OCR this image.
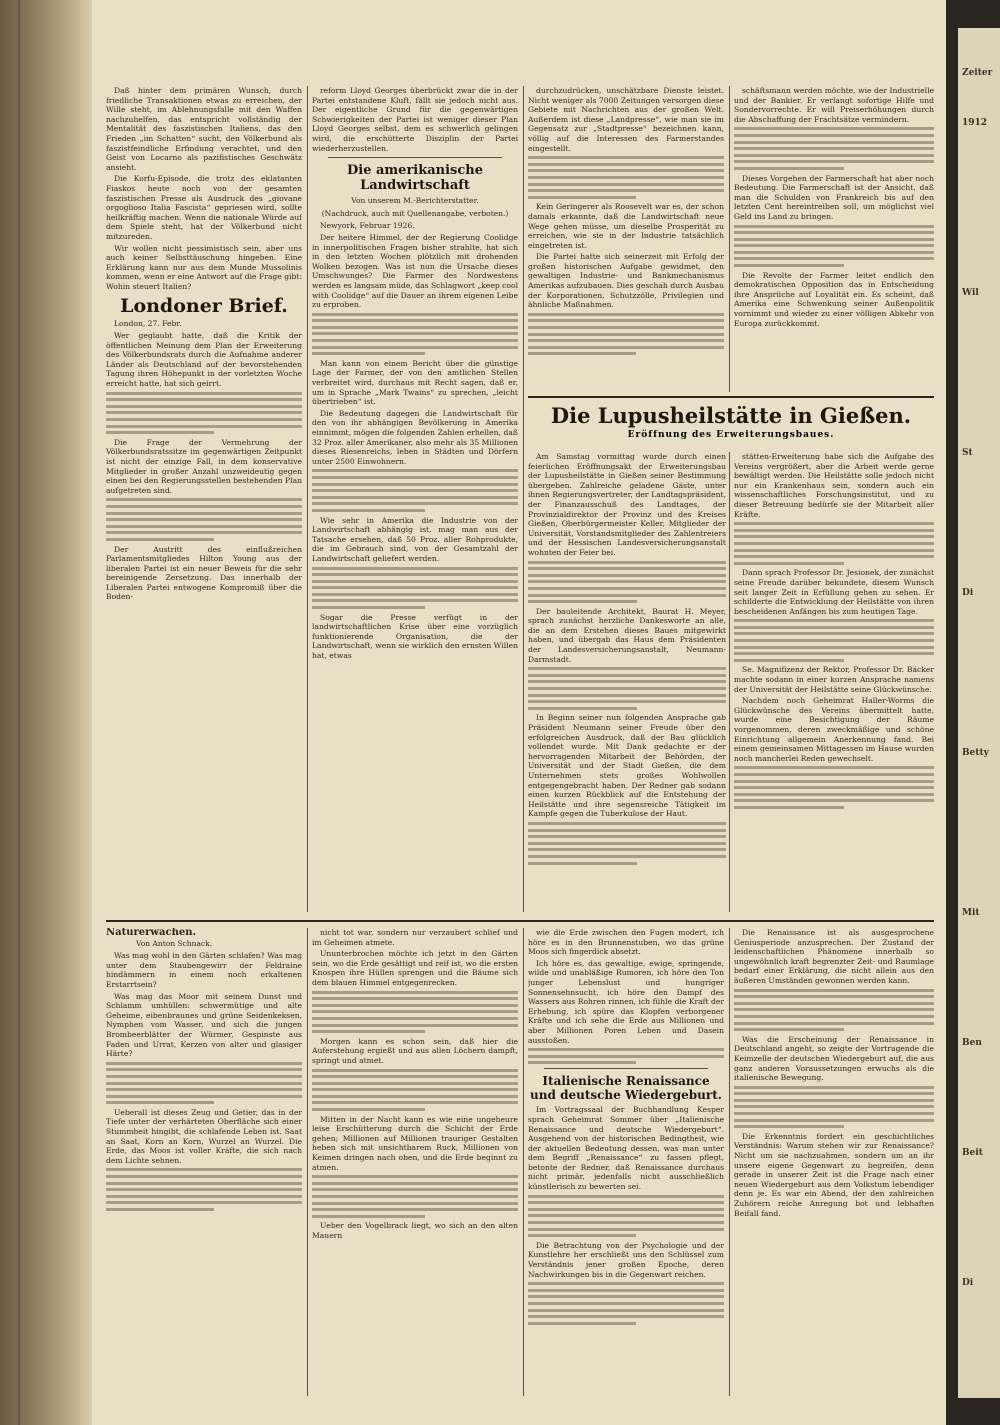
Zeiter
1912
Wil
St
Di
Betty
Mit
Ben
Beit
Di

Daß hinter dem primären Wunsch, durch friedliche Transaktionen etwas zu erreichen, der Wille steht, im Ablehnungsfalle mit den Waffen nachzuhelfen, das entspricht vollständig der Mentalität des faszistischen Italiens, das den Frieden „im Schatten“ sucht, den Völkerbund als faszistfeindliche Erfindung verachtet, und den Geist von Locarno als pazifistisches Geschwätz ansieht.

Die Korfu-Episode, die trotz des eklatanten Fiaskos heute noch von der gesamten faszistischen Presse als Ausdruck des „giovane orgoglioso Italia Fascista“ gepriesen wird, sollte heilkräftig machen. Wenn die nationale Würde auf dem Spiele steht, hat der Völkerbund nicht mitzureden.

Wir wollen nicht pessimistisch sein, aber uns auch keiner Selbsttäuschung hingeben. Eine Erklärung kann nur aus dem Munde Mussolinis kommen, wenn er eine Antwort auf die Frage gibt: Wohin steuert Italien?

Londoner Brief.
London, 27. Febr.

Wer geglaubt hatte, daß die Kritik der öffentlichen Meinung dem Plan der Erweiterung des Völkerbundsrats durch die Aufnahme anderer Länder als Deutschland auf der bevorstehenden Tagung ihren Höhepunkt in der vorletzten Woche erreicht hatte, hat sich geirrt.

Die Frage der Vermehrung der Völkerbundsratssitze im gegenwärtigen Zeitpunkt ist nicht der einzige Fall, in dem konservative Mitglieder in großer Anzahl unzweideutig gegen einen bei den Regierungsstellen bestehenden Plan aufgetreten sind.

Der Austritt des einflußreichen Parlamentsmitgliedes Hilton Young aus der liberalen Partei ist ein neuer Beweis für die sehr bereinigende Zersetzung. Das innerhalb der Liberalen Partei entwogene Kompromiß über die Boden-

reform Lloyd Georges überbrückt zwar die in der Partei entstandene Kluft, fällt sie jedoch nicht aus. Der eigentliche Grund für die gegenwärtigen Schwierigkeiten der Partei ist weniger dieser Plan Lloyd Georges selbst, dem es schwerlich gelingen wird, die erschütterte Disziplin der Partei wiederherzustellen.

Die amerikanische Landwirtschaft
Von unserem M.-Berichterstatter.
(Nachdruck, auch mit Quellenangabe, verboten.)
Newyork, Februar 1926.

Der heitere Himmel, der der Regierung Coolidge in innerpolitischen Fragen bisher strahlte, hat sich in den letzten Wochen plötzlich mit drohenden Wolken bezogen. Was ist nun die Ursache dieses Umschwunges? Die Farmer des Nordwestens werden es langsam müde, das Schlagwort „keep cool with Coolidge“ auf die Dauer an ihrem eigenen Leibe zu erproben.

Man kann von einem Bericht über die günstige Lage der Farmer, der von den amtlichen Stellen verbreitet wird, durchaus mit Recht sagen, daß er, um in Sprache „Mark Twains“ zu sprechen, „leicht übertrieben“ ist.

Die Bedeutung dagegen die Landwirtschaft für den von ihr abhängigen Bevölkerung in Amerika einnimmt, mögen die folgenden Zahlen erhellen, daß 32 Proz. aller Amerikaner, also mehr als 35 Millionen dieses Riesenreichs, leben in Städten und Dörfern unter 2500 Einwohnern.

Wie sehr in Amerika die Industrie von der Landwirtschaft abhängig ist, mag man aus der Tatsache ersehen, daß 50 Proz. aller Rohprodukte, die im Gebrauch sind, von der Gesamtzahl der Landwirtschaft geliefert werden.

Sogar die Presse verfügt in der landwirtschaftlichen Krise über eine vorzüglich funktionierende Organisation, die der Landwirtschaft, wenn sie wirklich den ernsten Willen hat, etwas

durchzudrücken, unschätzbare Dienste leistet. Nicht weniger als 7000 Zeitungen versorgen diese Gebiete mit Nachrichten aus der großen Welt. Außerdem ist diese „Landpresse“, wie man sie im Gegensatz zur „Stadtpresse“ bezeichnen kann, völlig auf die Interessen des Farmerstandes eingestellt.

Kein Geringerer als Roosevelt war es, der schon damals erkannte, daß die Landwirtschaft neue Wege gehen müsse, um dieselbe Prosperität zu erreichen, wie sie in der Industrie tatsächlich eingetreten ist.

Die Partei hatte sich seinerzeit mit Erfolg der großen historischen Aufgabe gewidmet, den gewaltigen Industrie- und Bankmechanismus Amerikas aufzubauen. Dies geschah durch Ausbau der Korporationen, Schutzzölle, Privilegien und ähnliche Maßnahmen.

schäftsmann werden möchte, wie der Industrielle und der Bankier. Er verlangt sofortige Hilfe und Sondervorrechte. Er will Preiserhöhungen durch die Abschaffung der Frachtsätze vermindern.

Dieses Vorgehen der Farmerschaft hat aber noch Bedeutung. Die Farmerschaft ist der Ansicht, daß man die Schulden von Frankreich bis auf den letzten Cent hereintreiben soll, um möglichst viel Geld ins Land zu bringen.

Die Revolte der Farmer leitet endlich den demokratischen Opposition das in Entscheidung ihre Ansprüche auf Loyalität ein. Es scheint, daß Amerika eine Schwenkung seiner Außenpolitik vornimmt und wieder zu einer völligen Abkehr von Europa zurückkommt.

Die Lupusheilstätte in Gießen.
Eröffnung des Erweiterungsbaues.

Am Samstag vormittag wurde durch einen feierlichen Eröffnungsakt der Erweiterungsbau der Lupusheilstätte in Gießen seiner Bestimmung übergeben. Zahlreiche geladene Gäste, unter ihnen Regierungsvertreter, der Landtagspräsident, der Finanzausschuß des Landtages, der Provinzialdirektor der Provinz und des Kreises Gießen, Oberbürgermeister Keller, Mitglieder der Universität, Vorstandsmitglieder des Zahlentreiers und der Hessischen Landesversicherungsanstalt wohnten der Feier bei.

Der bauleitende Architekt, Baurat H. Meyer, sprach zunächst herzliche Dankesworte an alle, die an dem Erstehen dieses Baues mitgewirkt haben, und übergab das Haus dem Präsidenten der Landesversicherungsanstalt, Neumann-Darmstadt.

In Beginn seiner nun folgenden Ansprache gab Präsident Neumann seiner Freude über den erfolgreichen Ausdruck, daß der Bau glücklich vollendet wurde. Mit Dank gedachte er der hervorragenden Mitarbeit der Behörden, der Universität und der Stadt Gießen, die dem Unternehmen stets großes Wohlwollen entgegengebracht haben. Der Redner gab sodann einen kurzen Rückblick auf die Entstehung der Heilstätte und ihre segensreiche Tätigkeit im Kampfe gegen die Tuberkulose der Haut.

stätten-Erweiterung habe sich die Aufgabe des Vereins vergrößert, aber die Arbeit werde gerne bewältigt werden. Die Heilstätte solle jedoch nicht nur ein Krankenhaus sein, sondern auch ein wissenschaftliches Forschungsinstitut, und zu dieser Betreuung bedürfe sie der Mitarbeit aller Kräfte.

Dann sprach Professor Dr. Jesionek, der zunächst seine Freude darüber bekundete, diesem Wunsch seit langer Zeit in Erfüllung gehen zu sehen. Er schilderte die Entwicklung der Heilstätte von ihren bescheidenen Anfängen bis zum heutigen Tage.

Se. Magnifizenz der Rektor, Professor Dr. Bäcker machte sodann in einer kurzen Ansprache namens der Universität der Heilstätte seine Glückwünsche.

Nachdem noch Geheimrat Haller-Worms die Glückwünsche des Vereins übermittelt hatte, wurde eine Besichtigung der Räume vorgenommen, deren zweckmäßige und schöne Einrichtung allgemein Anerkennung fand. Bei einem gemeinsamen Mittagessen im Hause wurden noch mancherlei Reden gewechselt.

Naturerwachen.
Von Anton Schnack.

Was mag wohl in den Gärten schlafen? Was mag unter dem Staubengewirr der Feldraine hindämmern in einem noch erkaltenen Erstarrtsein?

Was mag das Moor mit seinem Dunst und Schlamm umhüllen: schwermütige und alte Geheime, eibenbraunes und grüne Seidenkeksen, Nymphen vom Wasser, und sich die jungen Brombeerblätter der Würmer, Gespinste aus Faden und Urrat, Kerzen von alter und glasiger Härte?

Ueberall ist dieses Zeug und Getier, das in der Tiefe unter der verhärteten Oberfläche sich einer Stummheit hingibt, die schlafende Leben ist. Saat an Saat, Korn an Korn, Wurzel an Wurzel. Die Erde, das Moos ist voller Kräfte, die sich nach dem Lichte sehnen.

nicht tot war, sondern nur verzaubert schlief und im Geheimen atmete.

Ununterbrochen möchte ich jetzt in den Gärten sein, wo die Erde gesättigt und reif ist, wo die ersten Knospen ihre Hüllen sprengen und die Bäume sich dem blauen Himmel entgegenrecken.

Morgen kann es schon sein, daß hier die Auferstehung ergießt und aus allen Löchern dampft, springt und atmet.

Mitten in der Nacht kann es wie eine ungeheure leise Erschütterung durch die Schicht der Erde gehen; Millionen auf Millionen trauriger Gestalten heben sich mit unsichtbarem Ruck, Millionen von Keimen dringen nach oben, und die Erde beginnt zu atmen.

Ueber den Vogelbrack liegt, wo sich an den alten Mauern

wie die Erde zwischen den Fugen modert, ich höre es in den Brunnenstuben, wo das grüne Moos sich fingerdick absetzt.

Ich höre es, das gewaltige, ewige, springende, wilde und unabläßige Rumoren, ich höre den Ton junger Lebenslust und hungriger Sonnensehnsucht, ich höre den Dampf des Wassers aus Rohren rinnen, ich fühle die Kraft der Erhebung, ich spüre das Klopfen verborgener Kräfte und ich sehe die Erde aus Millionen und aber Millionen Poren Leben und Dasein ausstoßen.

Italienische Renaissance und deutsche Wiedergeburt.

Im Vortragssaal der Buchhandlung Kesper sprach Geheimrat Sommer über „Italienische Renaissance und deutsche Wiedergeburt“. Ausgehend von der historischen Bedingtheit, wie der aktuellen Bedeutung dessen, was man unter dem Begriff „Renaissance“ zu fassen pflegt, betonte der Redner, daß Renaissance durchaus nicht primär, jedenfalls nicht ausschließlich künstlerisch zu bewerten sei.

Die Betrachtung von der Psychologie und der Kunstlehre her erschließt uns den Schlüssel zum Verständnis jener großen Epoche, deren Nachwirkungen bis in die Gegenwart reichen.

Die Renaissance ist als ausgesprochene Geniusperiode anzusprechen. Der Zustand der leidenschaftlichen Phänomene innerhalb so ungewöhnlich kraft begrenzter Zeit- und Raumlage bedarf einer Erklärung, die nicht allein aus den äußeren Umständen gewonnen werden kann.

Was die Erscheinung der Renaissance in Deutschland angeht, so zeigte der Vortragende die Keimzelle der deutschen Wiedergeburt auf, die aus ganz anderen Voraussetzungen erwuchs als die italienische Bewegung.

Die Erkenntnis fordert ein geschichtliches Verständnis: Warum stehen wir zur Renaissance? Nicht um sie nachzuahmen, sondern um an ihr unsere eigene Gegenwart zu begreifen, denn gerade in unserer Zeit ist die Frage nach einer neuen Wiedergeburt aus dem Volkstum lebendiger denn je. Es war ein Abend, der den zahlreichen Zuhörern reiche Anregung bot und lebhaften Beifall fand.
